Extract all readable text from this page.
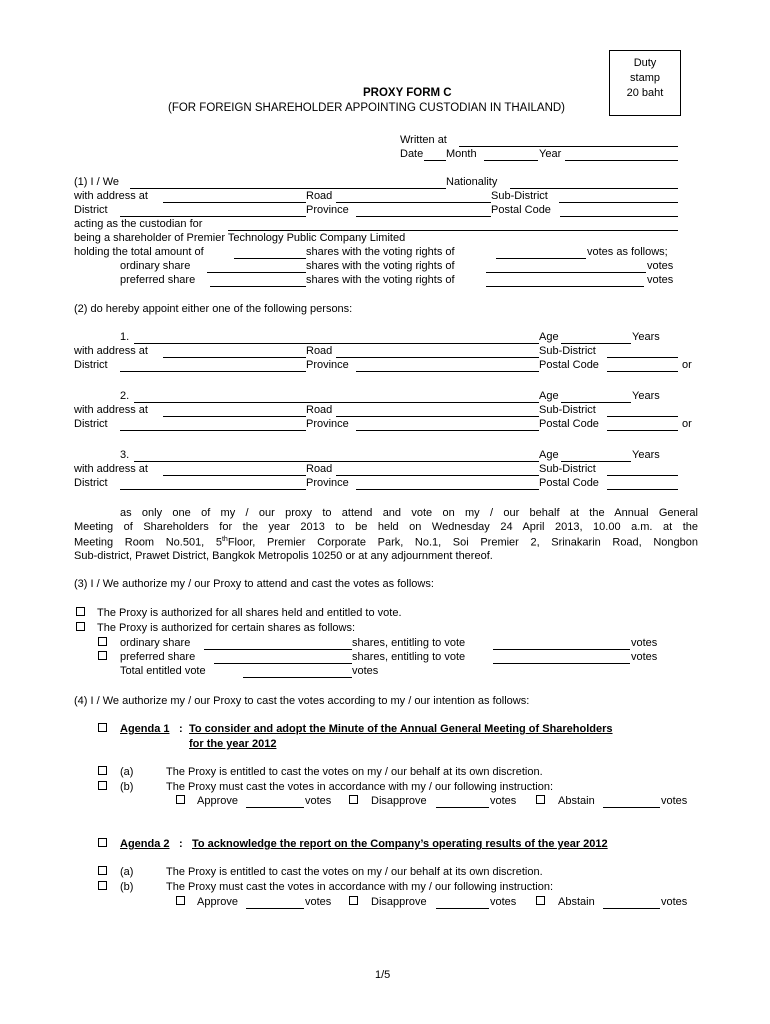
Duty
stamp
20 baht
PROXY FORM C
(FOR FOREIGN SHAREHOLDER APPOINTING CUSTODIAN IN THAILAND)
Written at
Date Month	Year
(1) I / We	Nationality
with address at	Road	Sub-District
District	Province	Postal Code
acting as the custodian for
being a shareholder of Premier Technology Public Company Limited
holding the total amount of	shares with the voting rights of	votes as follows;
ordinary share	shares with the voting rights of	votes
preferred share	shares with the voting rights of	votes
(2) do hereby appoint either one of the following persons:
1.	Age	Years
with address at	Road	Sub-District
District	Province	Postal Code	or
2.	Age	Years
with address at	Road	Sub-District
District	Province	Postal Code	or
3.	Age	Years
with address at	Road	Sub-District
District	Province	Postal Code
as only one of my / our proxy to attend and vote on my / our behalf at the Annual General
Meeting of Shareholders for the year 2013 to be held on Wednesday 24 April 2013, 10.00 a.m. at the
Meeting Room No.501, 5thFloor, Premier Corporate Park, No.1, Soi Premier 2, Srinakarin Road, Nongbon
Sub-district, Prawet District, Bangkok Metropolis 10250 or at any adjournment thereof.
(3) I / We authorize my / our Proxy to attend and cast the votes as follows:
The Proxy is authorized for all shares held and entitled to vote.
The Proxy is authorized for certain shares as follows:
ordinary share	shares, entitling to vote	votes
preferred share	shares, entitling to vote	votes
Total entitled vote	votes
(4) I / We authorize my / our Proxy to cast the votes according to my / our intention as follows:
Agenda 1 : To consider and adopt the Minute of the Annual General Meeting of Shareholders
for the year 2012
(a)	The Proxy is entitled to cast the votes on my / our behalf at its own discretion.
(b)	The Proxy must cast the votes in accordance with my / our following instruction:
Approve	votes	Disapprove	votes	Abstain	votes
Agenda 2 : To acknowledge the report on the Company’s operating results of the year 2012
(a)	The Proxy is entitled to cast the votes on my / our behalf at its own discretion.
(b)	The Proxy must cast the votes in accordance with my / our following instruction:
Approve	votes	Disapprove	votes	Abstain	votes
1/5
